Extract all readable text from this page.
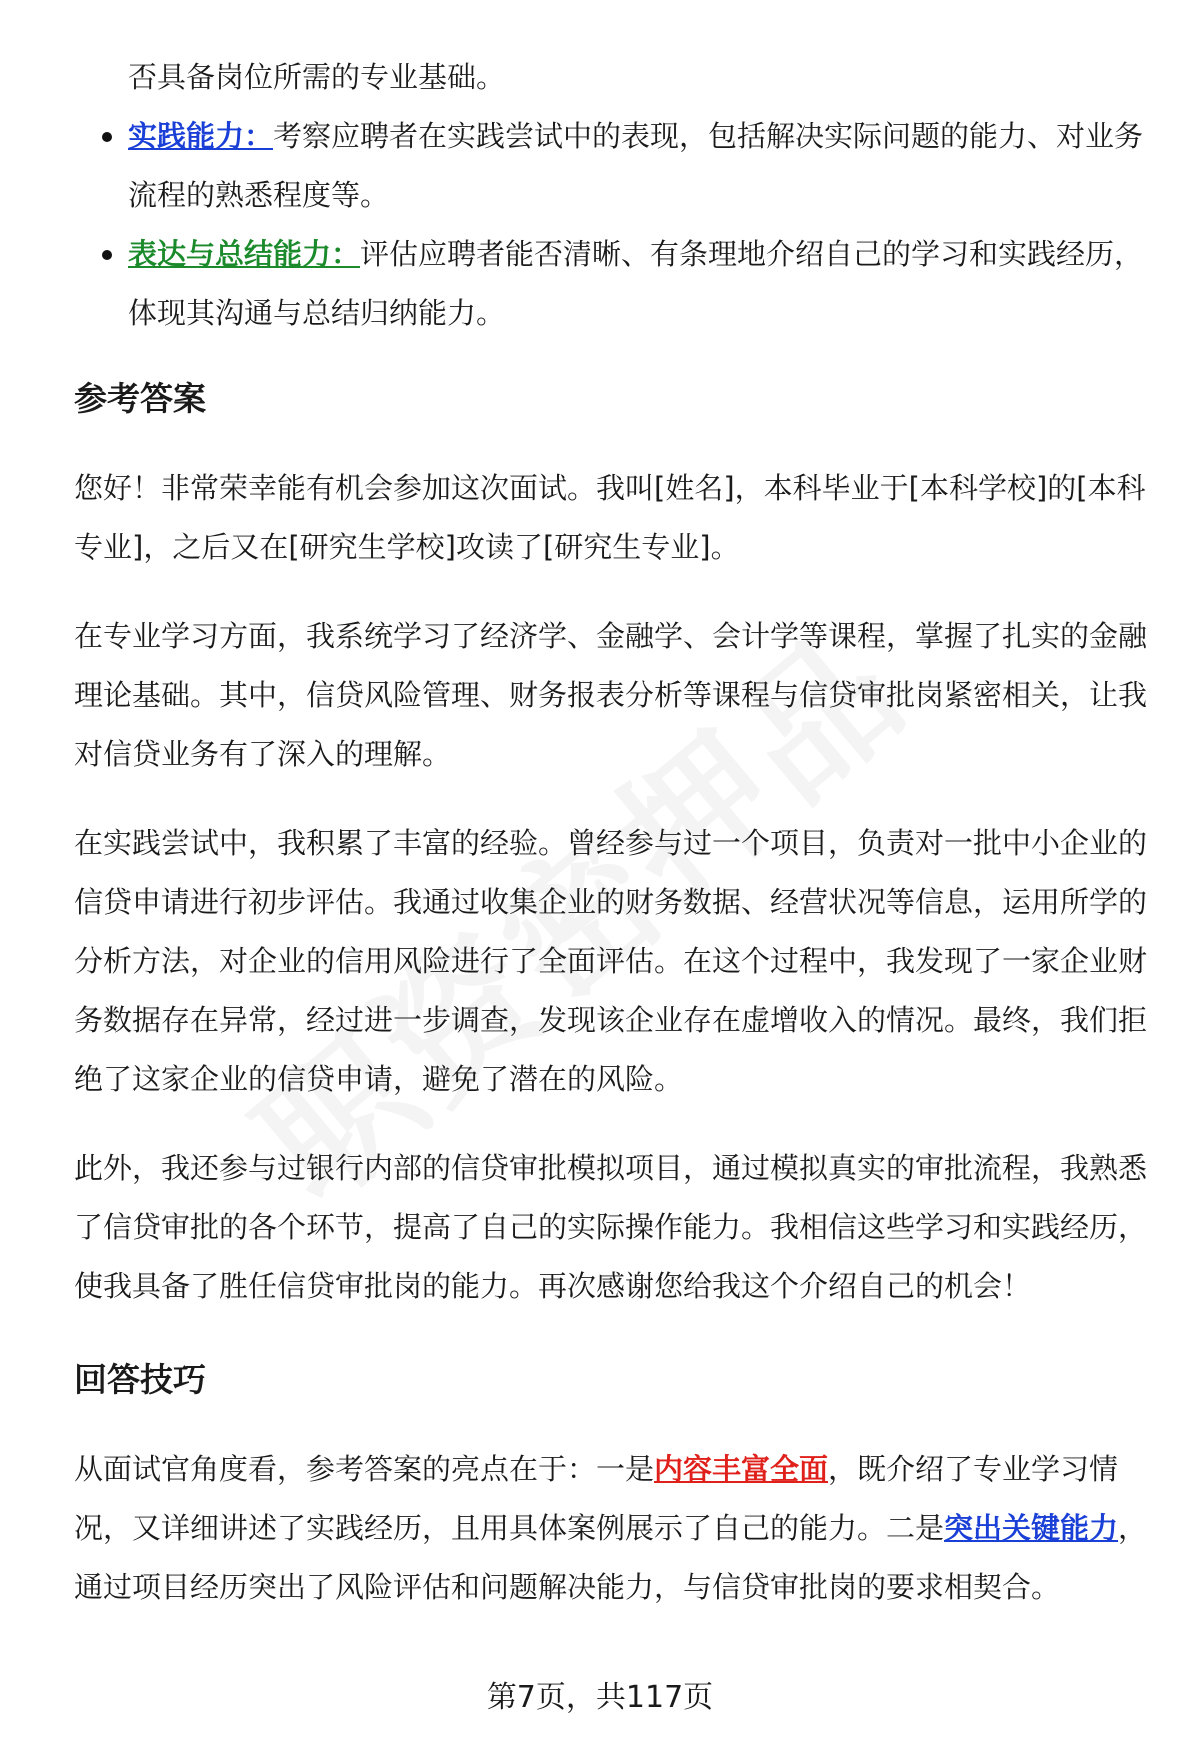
否具备岗位所需的专业基础。
实践能力：考察应聘者在实践尝试中的表现，包括解决实际问题的能力、对业务流程的熟悉程度等。
表达与总结能力：评估应聘者能否清晰、有条理地介绍自己的学习和实践经历，体现其沟通与总结归纳能力。
参考答案

您好！非常荣幸能有机会参加这次面试。我叫[姓名]，本科毕业于[本科学校]的[本科专业]，之后又在[研究生学校]攻读了[研究生专业]。

在专业学习方面，我系统学习了经济学、金融学、会计学等课程，掌握了扎实的金融理论基础。其中，信贷风险管理、财务报表分析等课程与信贷审批岗紧密相关，让我对信贷业务有了深入的理解。

在实践尝试中，我积累了丰富的经验。曾经参与过一个项目，负责对一批中小企业的信贷申请进行初步评估。我通过收集企业的财务数据、经营状况等信息，运用所学的分析方法，对企业的信用风险进行了全面评估。在这个过程中，我发现了一家企业财务数据存在异常，经过进一步调查，发现该企业存在虚增收入的情况。最终，我们拒绝了这家企业的信贷申请，避免了潜在的风险。

此外，我还参与过银行内部的信贷审批模拟项目，通过模拟真实的审批流程，我熟悉了信贷审批的各个环节，提高了自己的实际操作能力。我相信这些学习和实践经历，使我具备了胜任信贷审批岗的能力。再次感谢您给我这个介绍自己的机会！

回答技巧

从面试官角度看，参考答案的亮点在于：一是内容丰富全面，既介绍了专业学习情况，又详细讲述了实践经历，且用具体案例展示了自己的能力。二是突出关键能力，通过项目经历突出了风险评估和问题解决能力，与信贷审批岗的要求相契合。

第7页，共117页
